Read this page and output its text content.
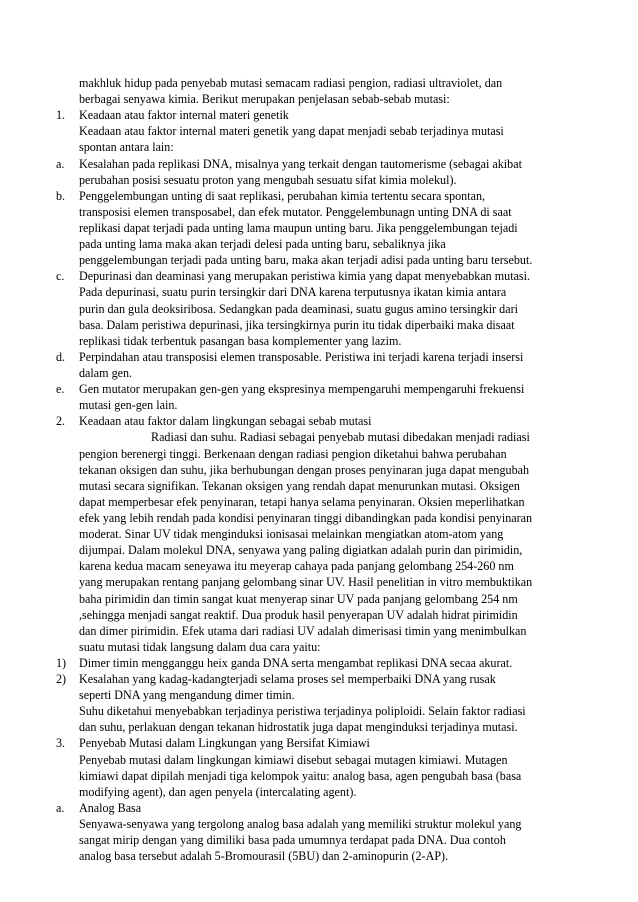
makhluk hidup pada penyebab mutasi semacam radiasi pengion, radiasi ultraviolet, dan
berbagai senyawa kimia. Berikut merupakan penjelasan sebab-sebab mutasi:
1. Keadaan atau faktor internal materi genetik
Keadaan atau faktor internal materi genetik yang dapat menjadi sebab terjadinya mutasi
spontan antara lain:
a. Kesalahan pada replikasi DNA, misalnya yang terkait dengan tautomerisme (sebagai akibat
perubahan posisi sesuatu proton yang mengubah sesuatu sifat kimia molekul).
b. Penggelembungan unting di saat replikasi, perubahan kimia tertentu secara spontan,
transposisi elemen transposabel, dan efek mutator. Penggelembunagn unting DNA di saat
replikasi dapat terjadi pada unting lama maupun unting baru. Jika penggelembungan tejadi
pada unting lama maka akan terjadi delesi pada unting baru, sebaliknya jika
penggelembungan terjadi pada unting baru, maka akan terjadi adisi pada unting baru tersebut.
c. Depurinasi dan deaminasi yang merupakan peristiwa kimia yang dapat menyebabkan mutasi.
Pada depurinasi, suatu purin tersingkir dari DNA karena terputusnya ikatan kimia antara
purin dan gula deoksiribosa. Sedangkan pada deaminasi, suatu gugus amino tersingkir dari
basa. Dalam peristiwa depurinasi, jika tersingkirnya purin itu tidak diperbaiki maka disaat
replikasi tidak terbentuk pasangan basa komplementer yang lazim.
d. Perpindahan atau transposisi elemen transposable. Peristiwa ini terjadi karena terjadi insersi
dalam gen.
e. Gen mutator merupakan gen-gen yang ekspresinya mempengaruhi mempengaruhi frekuensi
mutasi gen-gen lain.
2. Keadaan atau faktor dalam lingkungan sebagai sebab mutasi
Radiasi dan suhu. Radiasi sebagai penyebab mutasi dibedakan menjadi radiasi
pengion berenergi tinggi. Berkenaan dengan radiasi pengion diketahui bahwa perubahan
tekanan oksigen dan suhu, jika berhubungan dengan proses penyinaran juga dapat mengubah
mutasi secara signifikan. Tekanan oksigen yang rendah dapat menurunkan mutasi. Oksigen
dapat memperbesar efek penyinaran, tetapi hanya selama penyinaran. Oksien meperlihatkan
efek yang lebih rendah pada kondisi penyinaran tinggi dibandingkan pada kondisi penyinaran
moderat. Sinar UV tidak menginduksi ionisasai melainkan mengiatkan atom-atom yang
dijumpai. Dalam molekul DNA, senyawa yang paling digiatkan adalah purin dan pirimidin,
karena kedua macam seneyawa itu meyerap cahaya pada panjang gelombang 254-260 nm
yang merupakan rentang panjang gelombang sinar UV. Hasil penelitian in vitro membuktikan
baha pirimidin dan timin sangat kuat menyerap sinar UV pada panjang gelombang 254 nm
,sehingga menjadi sangat reaktif. Dua produk hasil penyerapan UV adalah hidrat pirimidin
dan dimer pirimidin. Efek utama dari radiasi UV adalah dimerisasi timin yang menimbulkan
suatu mutasi tidak langsung dalam dua cara yaitu:
1) Dimer timin mengganggu heix ganda DNA serta mengambat replikasi DNA secaa akurat.
2) Kesalahan yang kadag-kadangterjadi selama proses sel memperbaiki DNA yang rusak
seperti DNA yang mengandung dimer timin.
Suhu diketahui menyebabkan terjadinya peristiwa terjadinya poliploidi. Selain faktor radiasi
dan suhu, perlakuan dengan tekanan hidrostatik juga dapat menginduksi terjadinya mutasi.
3. Penyebab Mutasi dalam Lingkungan yang Bersifat Kimiawi
Penyebab mutasi dalam lingkungan kimiawi disebut sebagai mutagen kimiawi. Mutagen
kimiawi dapat dipilah menjadi tiga kelompok yaitu: analog basa, agen pengubah basa (basa
modifying agent), dan agen penyela (intercalating agent).
a. Analog Basa
Senyawa-senyawa yang tergolong analog basa adalah yang memiliki struktur molekul yang
sangat mirip dengan yang dimiliki basa pada umumnya terdapat pada DNA. Dua contoh
analog basa tersebut adalah 5-Bromourasil (5BU) dan 2-aminopurin (2-AP).
